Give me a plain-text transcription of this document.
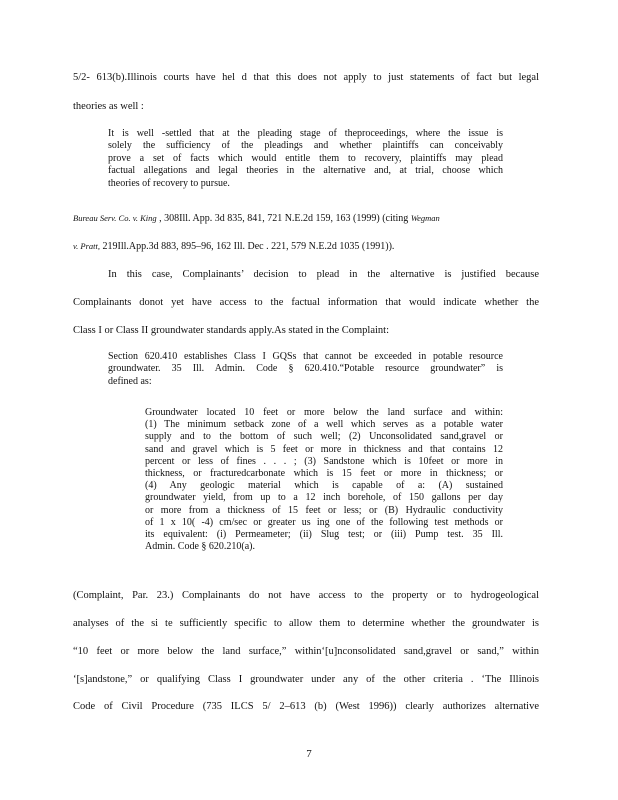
5/2- 613(b).Illinois courts have hel d that this does not apply to just statements of fact but legal
theories as well :
It is well -settled that at the pleading stage of theproceedings, where the issue is
solely the sufficiency of the pleadings and whether plaintiffs can conceivably
prove a set of facts which would entitle them to recovery, plaintiffs may plead
factual allegations and legal theories in the alternative and, at trial, choose which
theories of recovery to pursue.
Bureau Serv. Co. v. King , 308Ill. App. 3d 835, 841, 721 N.E.2d 159, 163 (1999) (citing Wegman
v. Pratt, 219Ill.App.3d 883, 895–96, 162 Ill. Dec . 221, 579 N.E.2d 1035 (1991)).
In this case, Complainants’ decision to plead in the alternative is justified because
Complainants donot yet have access to the factual information that would indicate whether the
Class I or Class II groundwater standards apply.As stated in the Complaint:
Section 620.410 establishes Class I GQSs that cannot be exceeded in potable resource
groundwater. 35 Ill. Admin. Code § 620.410.“Potable resource groundwater” is
defined as:
Groundwater located 10 feet or more below the land surface and within:
(1) The minimum setback zone of a well which serves as a potable water
supply and to the bottom of such well; (2) Unconsolidated sand,gravel or
sand and gravel which is 5 feet or more in thickness and that contains 12
percent or less of fines . . . ; (3) Sandstone which is 10feet or more in
thickness, or fracturedcarbonate which is 15 feet or more in thickness; or
(4) Any geologic material which is capable of a: (A) sustained
groundwater yield, from up to a 12 inch borehole, of 150 gallons per day
or more from a thickness of 15 feet or less; or (B) Hydraulic conductivity
of 1 x 10( -4) cm/sec or greater us ing one of the following test methods or
its equivalent: (i) Permeameter; (ii) Slug test; or (iii) Pump test. 35 Ill.
Admin. Code § 620.210(a).
(Complaint, Par. 23.) Complainants do not have access to the property or to hydrogeological
analyses of the si te sufficiently specific to allow them to determine whether the groundwater is
“10 feet or more below the land surface,” within‘[u]nconsolidated sand,gravel or sand,” within
‘[s]andstone,” or qualifying Class I groundwater under any of the other criteria . ‘The Illinois
Code of Civil Procedure (735 ILCS 5/ 2–613 (b) (West 1996)) clearly authorizes alternative
7
